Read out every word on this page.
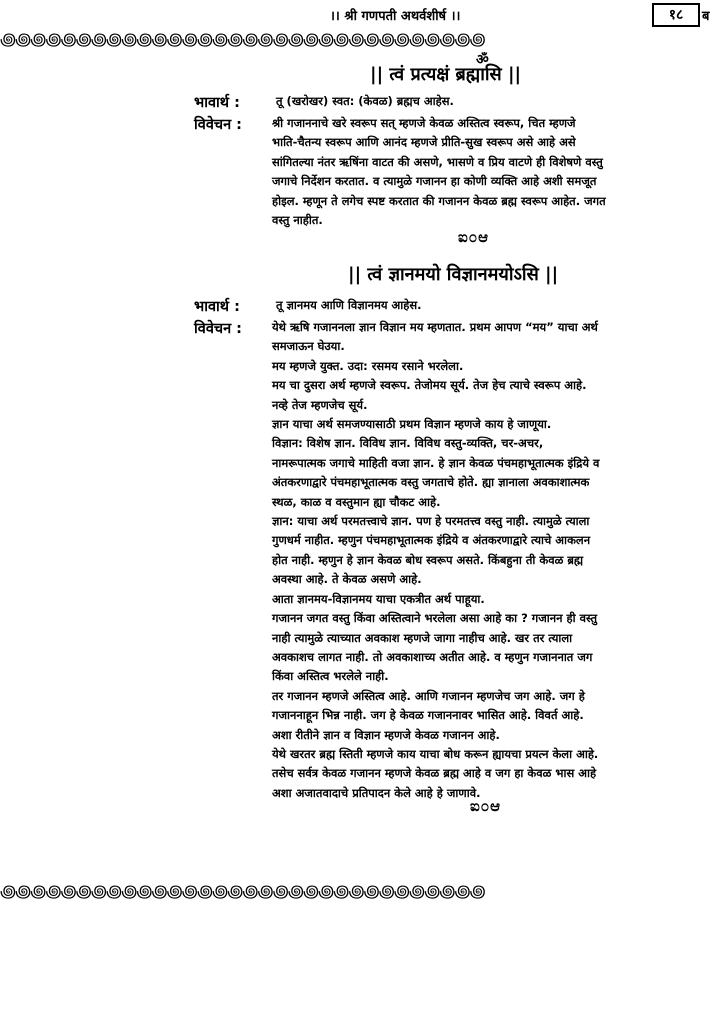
।। श्री गणपती अथर्वशीर्ष ।।	१८	ब
꩜꩜꩜꩜꩜꩜꩜꩜꩜꩜꩜꩜꩜꩜꩜꩜꩜꩜꩜꩜꩜꩜꩜꩜꩜꩜꩜꩜꩜꩜꩜꩜
ॐ
|| त्वं प्रत्यक्षं ब्रह्मासि ||
भावार्थ :	तू (खरोखर) स्वत: (केवळ) ब्रह्मच आहेस.
विवेचन :	श्री गजाननाचे खरे स्वरूप सत् म्हणजे केवळ अस्तित्व स्वरूप, चित म्हणजे
भाति-चैतन्य स्वरूप आणि आनंद म्हणजे प्रीति-सुख स्वरूप असे आहे असे
सांगितल्या नंतर ऋषिंना वाटत की असणे, भासणे व प्रिय वाटणे ही विशेषणे वस्तु
जगाचे निर्देशन करतात. व त्यामुळे गजानन हा कोणी व्यक्ति आहे अशी समजूत
होइल. म्हणून ते लगेच स्पष्ट करतात की गजानन केवळ ब्रह्म स्वरूप आहेत. जगत
वस्तु नाहीत.
ಐ೦ಆ
|| त्वं ज्ञानमयो विज्ञानमयोऽसि ||
भावार्थ :	तू ज्ञानमय आणि विज्ञानमय आहेस.
विवेचन :	येथे ऋषि गजाननला ज्ञान विज्ञान मय म्हणतात. प्रथम आपण “मय” याचा अर्थ
समजाऊन घेउया.
मय म्हणजे युक्त. उदा: रसमय रसाने भरलेला.
मय चा दुसरा अर्थ म्हणजे स्वरूप. तेजोमय सूर्य. तेज हेच त्याचे स्वरूप आहे.
नव्हे तेज म्हणजेच सूर्य.
ज्ञान याचा अर्थ समजण्यासाठी प्रथम विज्ञान म्हणजे काय हे जाणूया.
विज्ञान: विशेष ज्ञान. विविध ज्ञान. विविध वस्तु-व्यक्ति, चर-अचर,
नामरूपात्मक जगाचे माहिती वजा ज्ञान. हे ज्ञान केवळ पंचमहाभूतात्मक इंद्रिये व
अंतकरणाद्वारे पंचमहाभूतात्मक वस्तु जगताचे होते. ह्या ज्ञानाला अवकाशात्मक
स्थळ, काळ व वस्तुमान ह्या चौकट आहे.
ज्ञान: याचा अर्थ परमतत्त्वाचे ज्ञान. पण हे परमतत्त्व वस्तु नाही. त्यामुळे त्याला
गुणधर्म नाहीत. म्हणुन पंचमहाभूतात्मक इंद्रिये व अंतकरणाद्वारे त्याचे आकलन
होत नाही. म्हणुन हे ज्ञान केवळ बोध स्वरूप असते. किंबहुना ती केवळ ब्रह्म
अवस्था आहे. ते केवळ असणे आहे.
आता ज्ञानमय-विज्ञानमय याचा एकत्रीत अर्थ पाहूया.
गजानन जगत वस्तु किंवा अस्तित्वाने भरलेला असा आहे का ? गजानन ही वस्तु
नाही त्यामुळे त्याच्यात अवकाश म्हणजे जागा नाहीच आहे. खर तर त्याला
अवकाशच लागत नाही. तो अवकाशाच्य अतीत आहे. व म्हणुन गजाननात जग
किंवा अस्तित्व भरलेले नाही.
तर गजानन म्हणजे अस्तित्व आहे. आणि गजानन म्हणजेच जग आहे. जग हे
गजाननाहून भिन्न नाही. जग हे केवळ गजाननावर भासित आहे. विवर्त आहे.
अशा रीतीने ज्ञान व विज्ञान म्हणजे केवळ गजानन आहे.
येथे खरतर ब्रह्म स्तिती म्हणजे काय याचा बोध करून ह्यायचा प्रयत्न केला आहे.
तसेच सर्वत्र केवळ गजानन म्हणजे केवळ ब्रह्म आहे व जग हा केवळ भास आहे
अशा अजातवादाचे प्रतिपादन केले आहे हे जाणावे.
ಐ೦ಆ
꩜꩜꩜꩜꩜꩜꩜꩜꩜꩜꩜꩜꩜꩜꩜꩜꩜꩜꩜꩜꩜꩜꩜꩜꩜꩜꩜꩜꩜꩜꩜꩜
